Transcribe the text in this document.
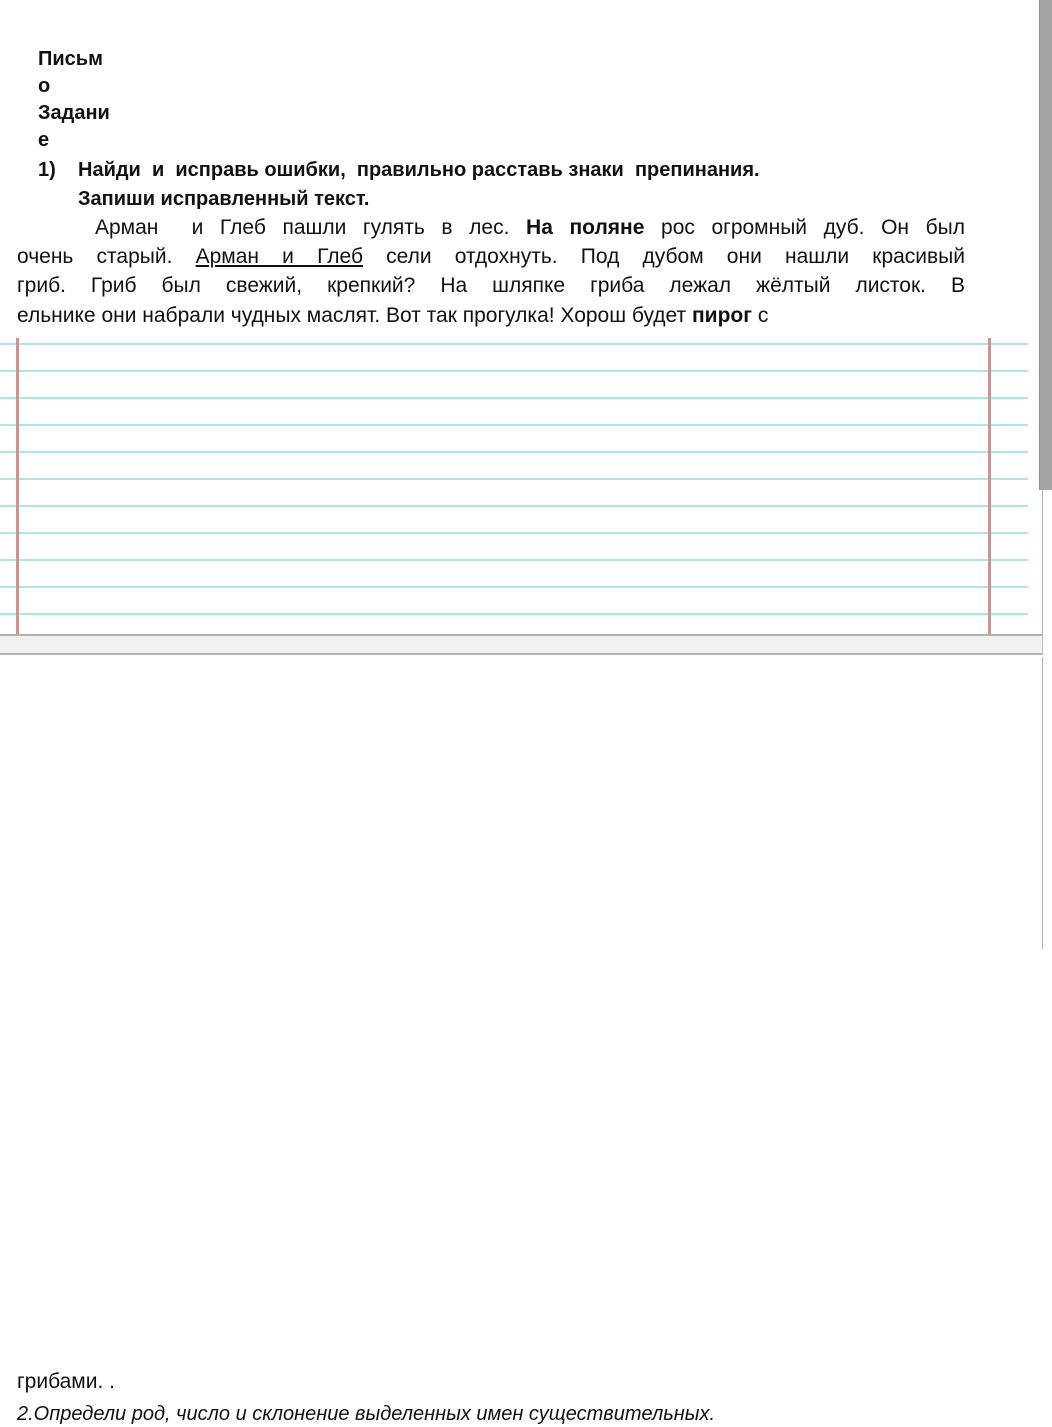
Письм
о
Задани
е
1) Найди  и  исправь ошибки,  правильно расставь знаки  препинания.
Запиши исправленный текст.
Арман  и Глеб пашли гулять в лес. На поляне рос огромный дуб. Он был
очень старый. Арман и Глеб сели отдохнуть. Под дубом они нашли красивый
гриб. Гриб был свежий, крепкий? На шляпке гриба лежал жёлтый листок. В
ельнике они набрали чудных маслят. Вот так прогулка! Хорош будет пирог с
грибами. .
2.Определи род, число и склонение выделенных имен существительных.
